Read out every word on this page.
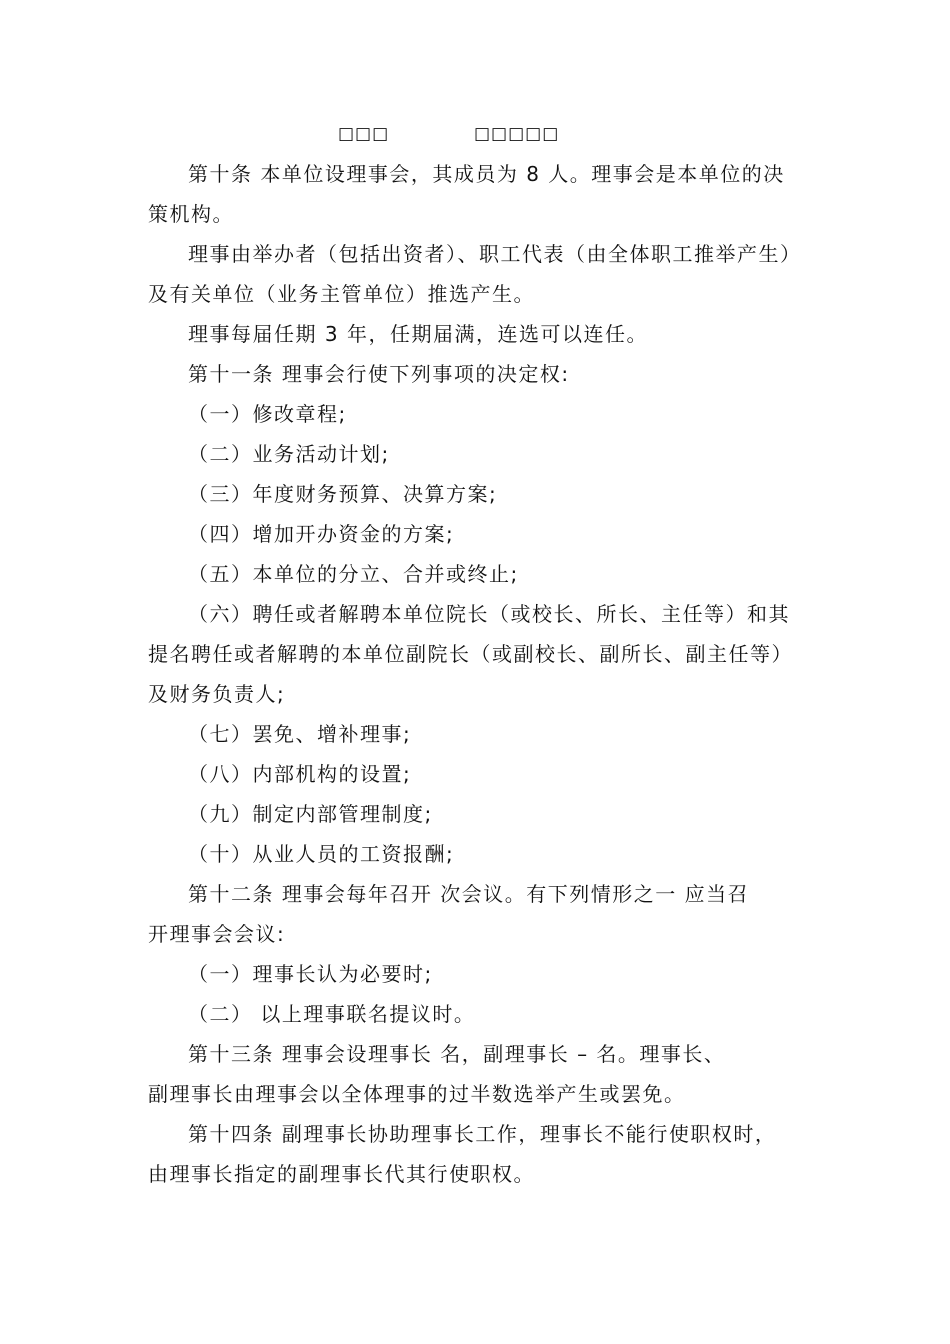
□□□	□□□□□
第十条 本单位设理事会，其成员为 8 人。理事会是本单位的决
策机构。
理事由举办者（包括出资者）、职工代表（由全体职工推举产生）
及有关单位（业务主管单位）推选产生。
理事每届任期 3 年，任期届满，连选可以连任。
第十一条 理事会行使下列事项的决定权:
（一）修改章程;
（二）业务活动计划;
（三）年度财务预算、决算方案;
（四）增加开办资金的方案;
（五）本单位的分立、合并或终止;
（六）聘任或者解聘本单位院长（或校长、所长、主任等）和其
提名聘任或者解聘的本单位副院长（或副校长、副所长、副主任等）
及财务负责人;
（七）罢免、增补理事;
（八）内部机构的设置;
（九）制定内部管理制度;
（十）从业人员的工资报酬;
第十二条 理事会每年召开 次会议。有下列情形之一 应当召
开理事会会议:
（一）理事长认为必要时;
（二） 以上理事联名提议时。
第十三条 理事会设理事长 名，副理事长 – 名。理事长、
副理事长由理事会以全体理事的过半数选举产生或罢免。
第十四条 副理事长协助理事长工作，理事长不能行使职权时，
由理事长指定的副理事长代其行使职权。
